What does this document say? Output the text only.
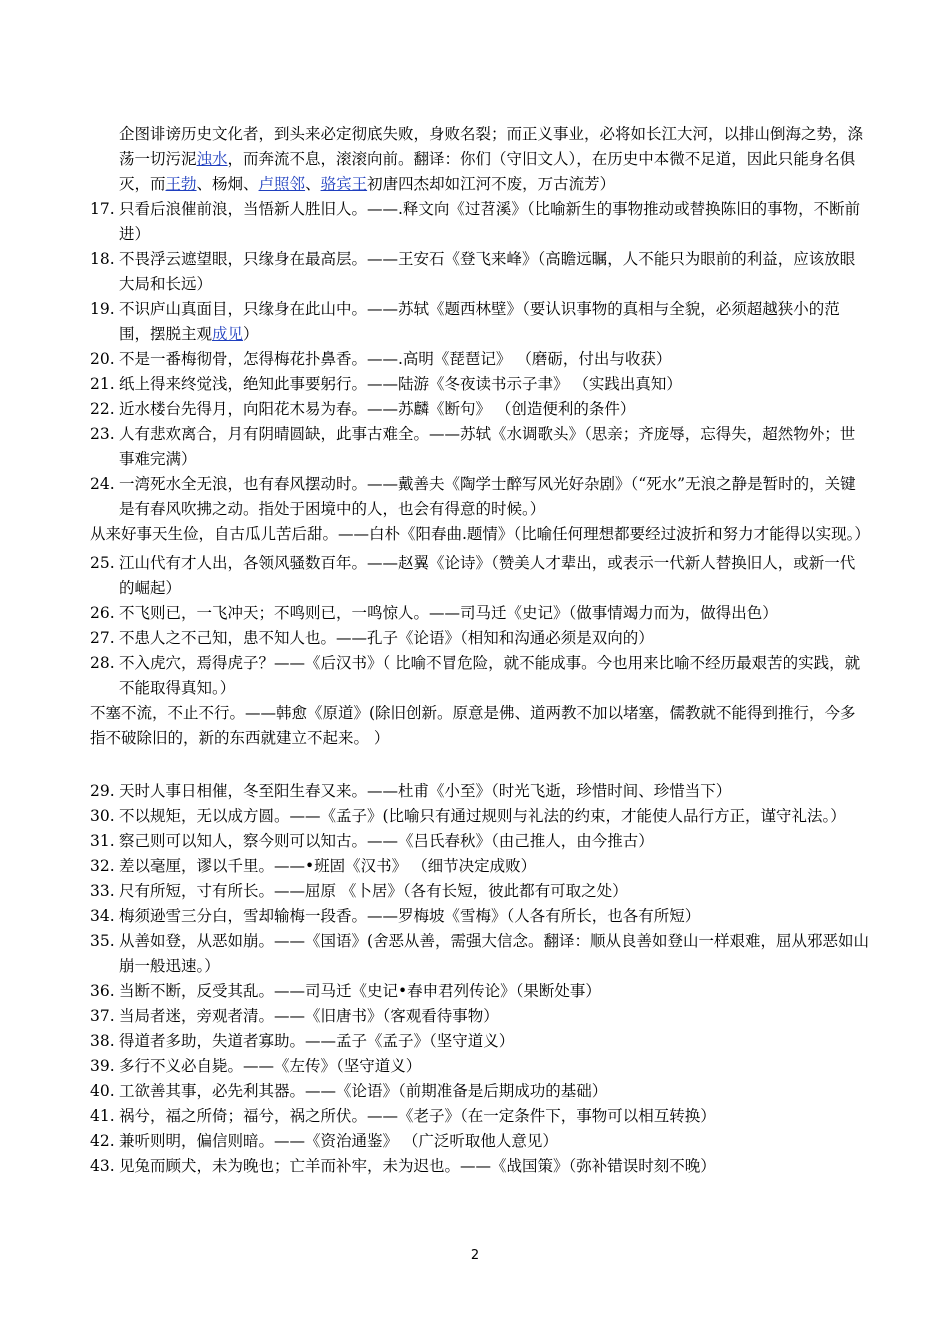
企图诽谤历史文化者，到头来必定彻底失败，身败名裂；而正义事业，必将如长江大河，以排山倒海之势，涤荡一切污泥浊水，而奔流不息，滚滚向前。翻译：你们（守旧文人），在历史中本微不足道，因此只能身名俱灭，而王勃、杨炯、卢照邻、骆宾王初唐四杰却如江河不废，万古流芳）

17. 只看后浪催前浪，当悟新人胜旧人。——.释文向《过苕溪》（比喻新生的事物推动或替换陈旧的事物，不断前进）

18. 不畏浮云遮望眼，只缘身在最高层。——王安石《登飞来峰》（高瞻远瞩，人不能只为眼前的利益，应该放眼大局和长远）

19. 不识庐山真面目，只缘身在此山中。——苏轼《题西林壁》（要认识事物的真相与全貌，必须超越狭小的范围，摆脱主观成见）

20. 不是一番梅彻骨，怎得梅花扑鼻香。——.高明《琵琶记》 （磨砺，付出与收获）

21. 纸上得来终觉浅，绝知此事要躬行。——陆游《冬夜读书示子聿》 （实践出真知）

22. 近水楼台先得月，向阳花木易为春。——苏麟《断句》 （创造便利的条件）

23. 人有悲欢离合，月有阴晴圆缺，此事古难全。——苏轼《水调歌头》（思亲；齐庞辱，忘得失，超然物外；世事难完满）

24. 一湾死水全无浪，也有春风摆动时。——戴善夫《陶学士醉写风光好杂剧》（“死水”无浪之静是暂时的，关键是有春风吹拂之动。指处于困境中的人，也会有得意的时候。）

从来好事天生俭，自古瓜儿苦后甜。——白朴《阳春曲.题情》（比喻任何理想都要经过波折和努力才能得以实现。）

25. 江山代有才人出，各领风骚数百年。——赵翼《论诗》（赞美人才辈出，或表示一代新人替换旧人，或新一代的崛起）

26. 不飞则已，一飞冲天；不鸣则已，一鸣惊人。——司马迁《史记》（做事情竭力而为，做得出色）

27. 不患人之不己知，患不知人也。——孔子《论语》（相知和沟通必须是双向的）

28. 不入虎穴，焉得虎子？——《后汉书》（ 比喻不冒危险，就不能成事。今也用来比喻不经历最艰苦的实践，就不能取得真知。）

不塞不流，不止不行。——韩愈《原道》(除旧创新。原意是佛、道两教不加以堵塞，儒教就不能得到推行，今多指不破除旧的，新的东西就建立不起来。 ）

29. 天时人事日相催，冬至阳生春又来。——杜甫《小至》（时光飞逝，珍惜时间、珍惜当下）

30. 不以规矩，无以成方圆。——《孟子》(比喻只有通过规则与礼法的约束，才能使人品行方正，谨守礼法。）

31. 察己则可以知人，察今则可以知古。——《吕氏春秋》（由己推人，由今推古）

32. 差以毫厘，谬以千里。——•班固《汉书》 （细节决定成败）

33. 尺有所短，寸有所长。——屈原 《卜居》（各有长短，彼此都有可取之处）

34. 梅须逊雪三分白，雪却输梅一段香。——罗梅坡《雪梅》（人各有所长，也各有所短）

35. 从善如登，从恶如崩。——《国语》(舍恶从善，需强大信念。翻译：顺从良善如登山一样艰难，屈从邪恶如山崩一般迅速。）

36. 当断不断，反受其乱。——司马迁《史记•春申君列传论》（果断处事）

37. 当局者迷，旁观者清。——《旧唐书》（客观看待事物）

38. 得道者多助，失道者寡助。——孟子《孟子》（坚守道义）

39. 多行不义必自毙。——《左传》（坚守道义）

40. 工欲善其事，必先利其器。——《论语》（前期准备是后期成功的基础）

41. 祸兮，福之所倚；福兮，祸之所伏。——《老子》（在一定条件下，事物可以相互转换）

42. 兼听则明，偏信则暗。——《资治通鉴》 （广泛听取他人意见）

43. 见兔而顾犬，未为晚也；亡羊而补牢，未为迟也。——《战国策》（弥补错误时刻不晚）

2
